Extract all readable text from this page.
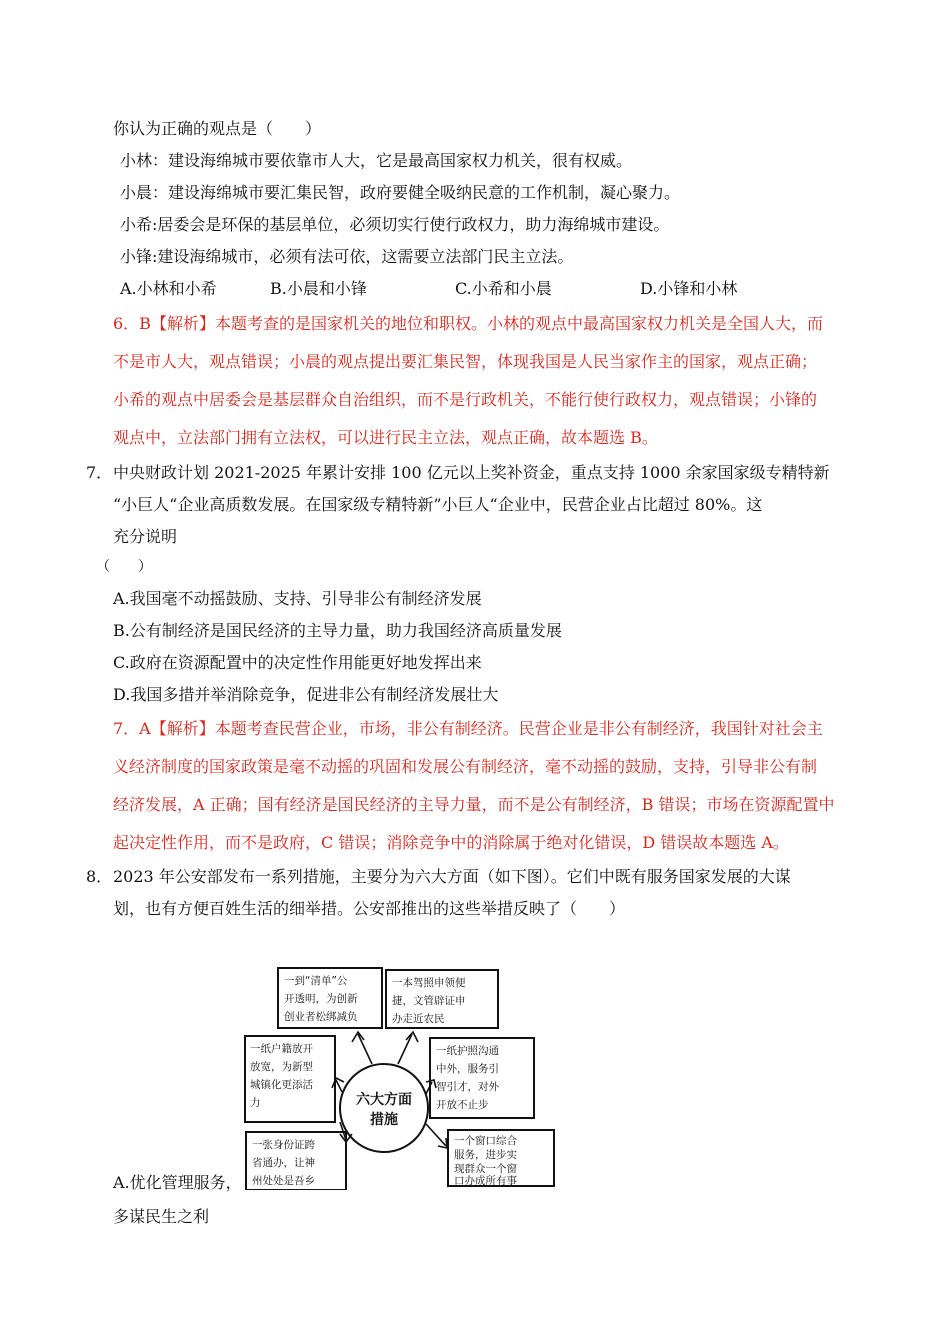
你认为正确的观点是（　　）
小林：建设海绵城市要依靠市人大，它是最高国家权力机关，很有权威。
小晨：建设海绵城市要汇集民智，政府要健全吸纳民意的工作机制，凝心聚力。
小希:居委会是环保的基层单位，必须切实行使行政权力，助力海绵城市建设。
小锋:建设海绵城市，必须有法可依，这需要立法部门民主立法。
A.小林和小希	B.小晨和小锋	C.小希和小晨	D.小锋和小林
6．B【解析】本题考查的是国家机关的地位和职权。小林的观点中最高国家权力机关是全国人大，而
不是市人大，观点错误；小晨的观点提出要汇集民智，体现我国是人民当家作主的国家，观点正确；
小希的观点中居委会是基层群众自治组织，而不是行政机关，不能行使行政权力，观点错误；小锋的
观点中，立法部门拥有立法权，可以进行民主立法，观点正确，故本题选 B。
7． 中央财政计划 2021-2025 年累计安排 100 亿元以上奖补资金，重点支持 1000 余家国家级专精特新
“小巨人“企业高质数发展。在国家级专精特新”小巨人“企业中，民营企业占比超过 80%。这
充分说明
（　　）
A.我国毫不动摇鼓励、支持、引导非公有制经济发展
B.公有制经济是国民经济的主导力量，助力我国经济高质量发展
C.政府在资源配置中的决定性作用能更好地发挥出来
D.我国多措并举消除竞争，促进非公有制经济发展壮大
7．A【解析】本题考查民营企业，市场，非公有制经济。民营企业是非公有制经济，我国针对社会主
义经济制度的国家政策是毫不动摇的巩固和发展公有制经济，毫不动摇的鼓励，支持，引导非公有制
经济发展，A 正确；国有经济是国民经济的主导力量，而不是公有制经济，B 错误；市场在资源配置中
起决定性作用，而不是政府，C 错误；消除竞争中的消除属于绝对化错误，D 错误故本题选 A。
8． 2023 年公安部发布一系列措施，主要分为六大方面（如下图）。它们中既有服务国家发展的大谋
划，也有方便百姓生活的细举措。公安部推出的这些举措反映了（　　）
六大方面
措施
一到“清单”公
开透明，为创新
创业者松绑减负
一本驾照申领便
捷，文管辟证申
办走近农民
一纸户籍放开
放宽，为新型
城镇化更添活
力
一纸护照沟通
中外，服务引
智引才，对外
开放不止步
一张身份证跨
省通办，让神
州处处是吾乡
一个窗口综合
服务，进步实
现群众一个窗
口办成所有事
A.优化管理服务，
多谋民生之利
